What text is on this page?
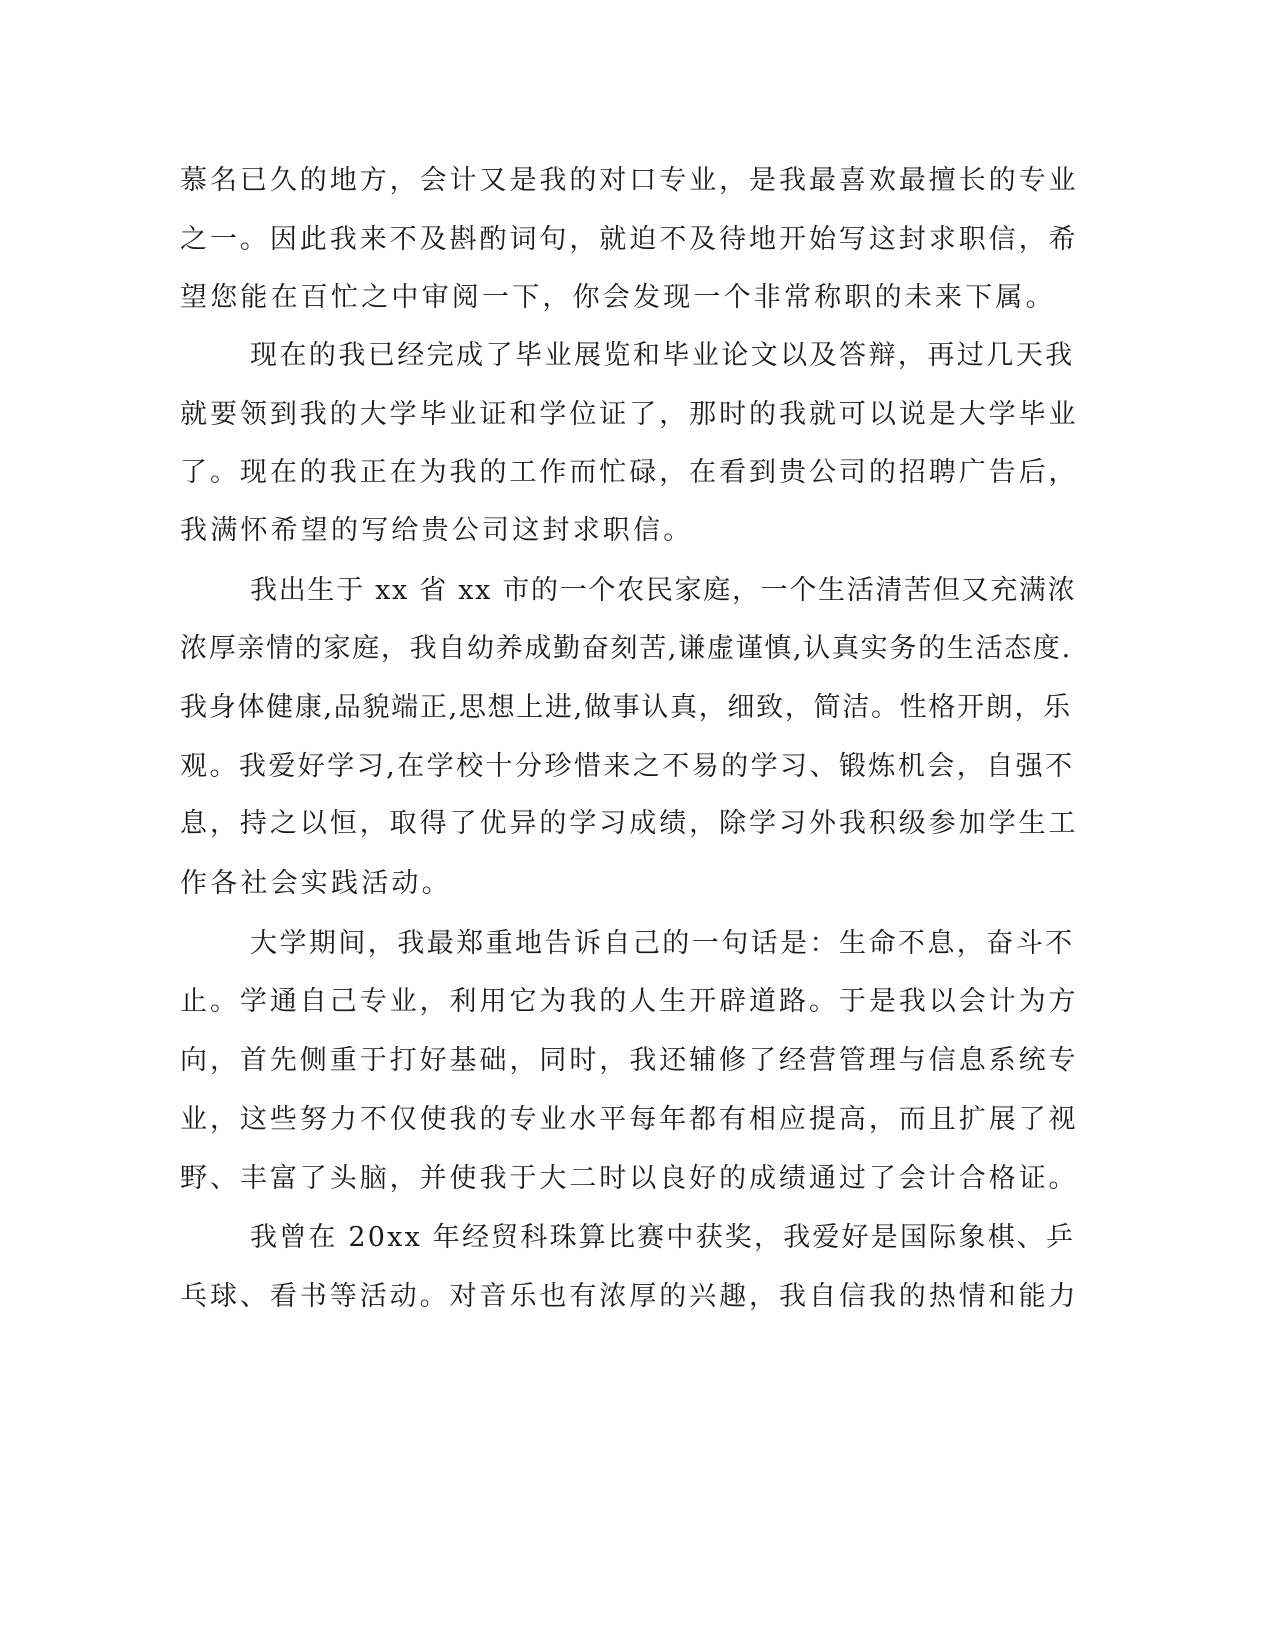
慕名已久的地方，会计又是我的对口专业，是我最喜欢最擅长的专业
之一。因此我来不及斟酌词句，就迫不及待地开始写这封求职信，希
望您能在百忙之中审阅一下，你会发现一个非常称职的未来下属。
现在的我已经完成了毕业展览和毕业论文以及答辩，再过几天我
就要领到我的大学毕业证和学位证了，那时的我就可以说是大学毕业
了。现在的我正在为我的工作而忙碌，在看到贵公司的招聘广告后，
我满怀希望的写给贵公司这封求职信。
我出生于 xx 省 xx 市的一个农民家庭，一个生活清苦但又充满浓
浓厚亲情的家庭，我自幼养成勤奋刻苦,谦虚谨慎,认真实务的生活态度.
我身体健康,品貌端正,思想上进,做事认真，细致，简洁。性格开朗，乐
观。我爱好学习,在学校十分珍惜来之不易的学习、锻炼机会，自强不
息，持之以恒，取得了优异的学习成绩，除学习外我积级参加学生工
作各社会实践活动。
大学期间，我最郑重地告诉自己的一句话是：生命不息，奋斗不
止。学通自己专业，利用它为我的人生开辟道路。于是我以会计为方
向，首先侧重于打好基础，同时，我还辅修了经营管理与信息系统专
业，这些努力不仅使我的专业水平每年都有相应提高，而且扩展了视
野、丰富了头脑，并使我于大二时以良好的成绩通过了会计合格证。
我曾在 20xx 年经贸科珠算比赛中获奖，我爱好是国际象棋、乒
乓球、看书等活动。对音乐也有浓厚的兴趣，我自信我的热情和能力
